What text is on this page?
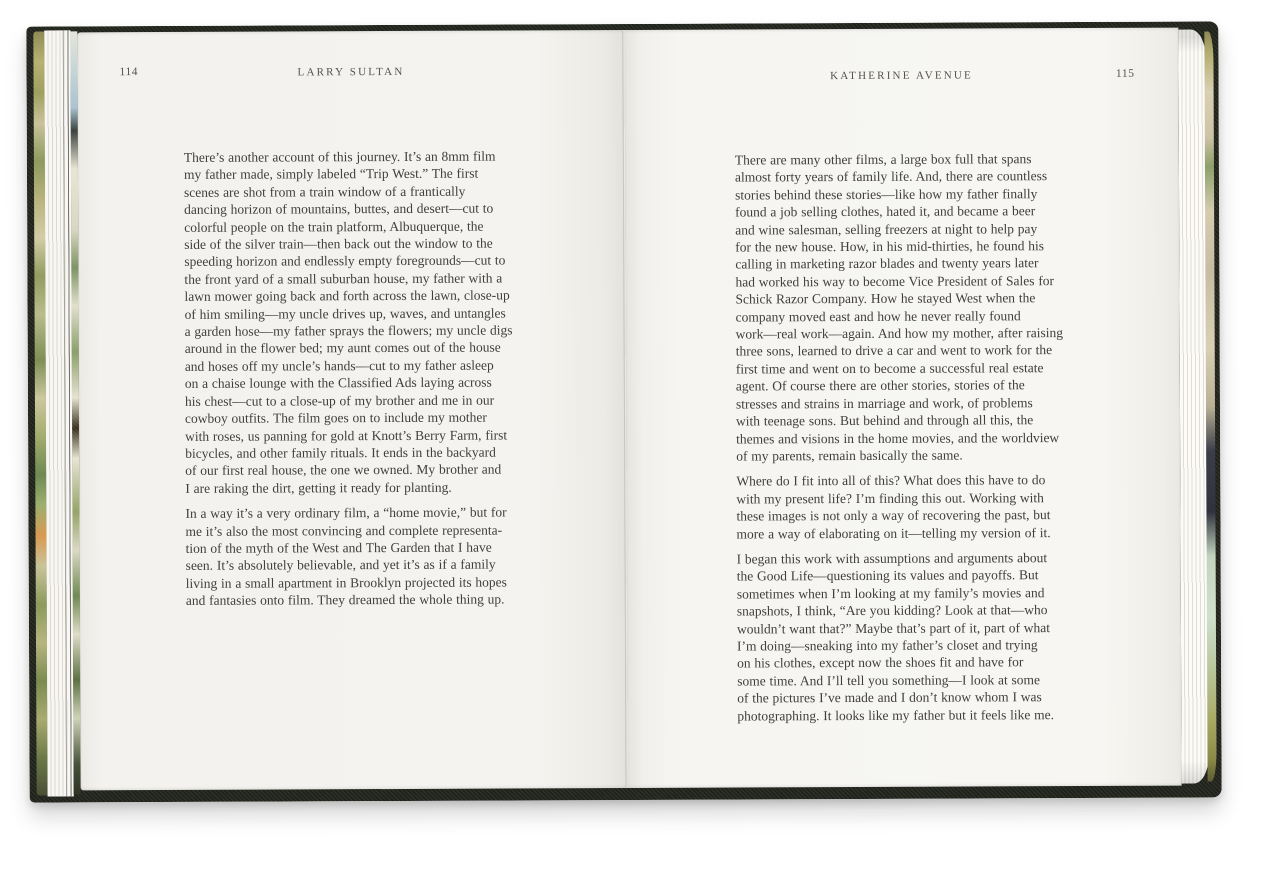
114	LARRY SULTAN

There’s another account of this journey. It’s an 8mm film
my father made, simply labeled “Trip West.” The first
scenes are shot from a train window of a frantically
dancing horizon of mountains, buttes, and desert—cut to
colorful people on the train platform, Albuquerque, the
side of the silver train—then back out the window to the
speeding horizon and endlessly empty foregrounds—cut to
the front yard of a small suburban house, my father with a
lawn mower going back and forth across the lawn, close-up
of him smiling—my uncle drives up, waves, and untangles
a garden hose—my father sprays the flowers; my uncle digs
around in the flower bed; my aunt comes out of the house
and hoses off my uncle’s hands—cut to my father asleep
on a chaise lounge with the Classified Ads laying across
his chest—cut to a close-up of my brother and me in our
cowboy outfits. The film goes on to include my mother
with roses, us panning for gold at Knott’s Berry Farm, first
bicycles, and other family rituals. It ends in the backyard
of our first real house, the one we owned. My brother and
I are raking the dirt, getting it ready for planting.

In a way it’s a very ordinary film, a “home movie,” but for
me it’s also the most convincing and complete representa-
tion of the myth of the West and The Garden that I have
seen. It’s absolutely believable, and yet it’s as if a family
living in a small apartment in Brooklyn projected its hopes
and fantasies onto film. They dreamed the whole thing up.

KATHERINE AVENUE	115

There are many other films, a large box full that spans
almost forty years of family life. And, there are countless
stories behind these stories—like how my father finally
found a job selling clothes, hated it, and became a beer
and wine salesman, selling freezers at night to help pay
for the new house. How, in his mid-thirties, he found his
calling in marketing razor blades and twenty years later
had worked his way to become Vice President of Sales for
Schick Razor Company. How he stayed West when the
company moved east and how he never really found
work—real work—again. And how my mother, after raising
three sons, learned to drive a car and went to work for the
first time and went on to become a successful real estate
agent. Of course there are other stories, stories of the
stresses and strains in marriage and work, of problems
with teenage sons. But behind and through all this, the
themes and visions in the home movies, and the worldview
of my parents, remain basically the same.

Where do I fit into all of this? What does this have to do
with my present life? I’m finding this out. Working with
these images is not only a way of recovering the past, but
more a way of elaborating on it—telling my version of it.

I began this work with assumptions and arguments about
the Good Life—questioning its values and payoffs. But
sometimes when I’m looking at my family’s movies and
snapshots, I think, “Are you kidding? Look at that—who
wouldn’t want that?” Maybe that’s part of it, part of what
I’m doing—sneaking into my father’s closet and trying
on his clothes, except now the shoes fit and have for
some time. And I’ll tell you something—I look at some
of the pictures I’ve made and I don’t know whom I was
photographing. It looks like my father but it feels like me.
